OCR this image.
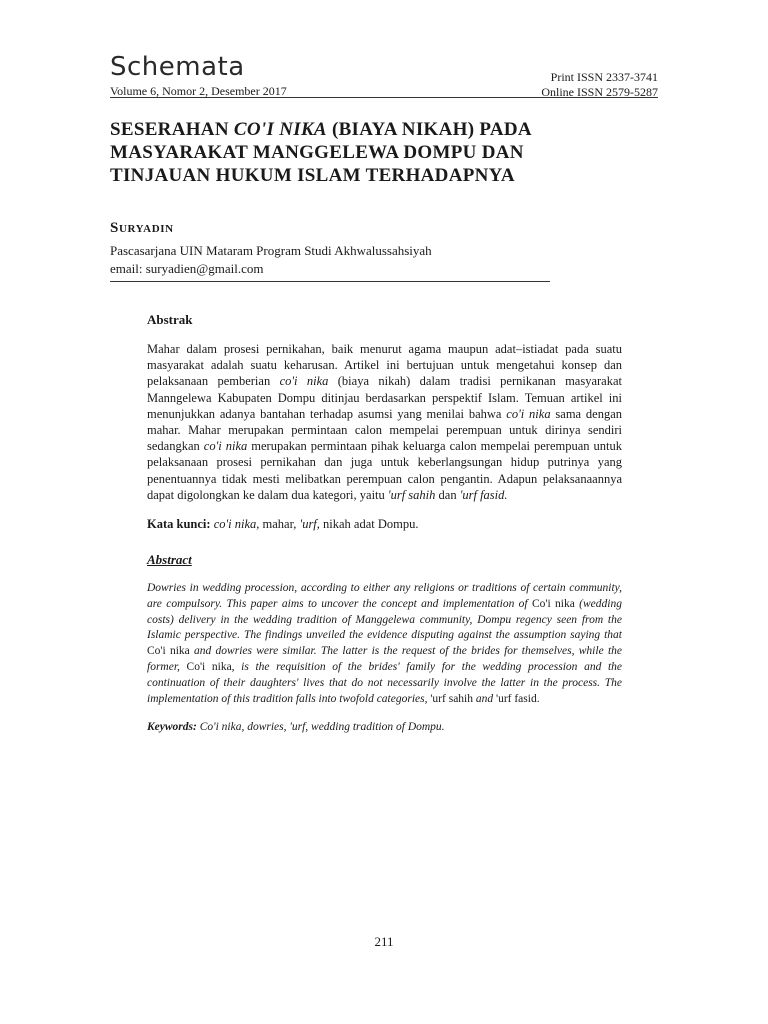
Schemata
Volume 6, Nomor 2, Desember 2017
Print ISSN 2337-3741
Online ISSN 2579-5287
SESERAHAN CO'I NIKA (BIAYA NIKAH) PADA MASYARAKAT MANGGELEWA DOMPU DAN TINJAUAN HUKUM ISLAM TERHADAPNYA
Suryadin
Pascasarjana UIN Mataram Program Studi Akhwalussahsiyah
email: suryadien@gmail.com
Abstrak
Mahar dalam prosesi pernikahan, baik menurut agama maupun adat–istiadat pada suatu masyarakat adalah suatu keharusan. Artikel ini bertujuan untuk mengetahui konsep dan pelaksanaan pemberian co'i nika (biaya nikah) dalam tradisi pernikanan masyarakat Manngelewa Kabupaten Dompu ditinjau berdasarkan perspektif Islam. Temuan artikel ini menunjukkan adanya bantahan terhadap asumsi yang menilai bahwa co'i nika sama dengan mahar. Mahar merupakan permintaan calon mempelai perempuan untuk dirinya sendiri sedangkan co'i nika merupakan permintaan pihak keluarga calon mempelai perempuan untuk pelaksanaan prosesi pernikahan dan juga untuk keberlangsungan hidup putrinya yang penentuannya tidak mesti melibatkan perempuan calon pengantin. Adapun pelaksanaannya dapat digolongkan ke dalam dua kategori, yaitu 'urf sahih dan 'urf fasid.
Kata kunci: co'i nika, mahar, 'urf, nikah adat Dompu.
Abstract
Dowries in wedding procession, according to either any religions or traditions of certain community, are compulsory. This paper aims to uncover the concept and implementation of Co'i nika (wedding costs) delivery in the wedding tradition of Manggelewa community, Dompu regency seen from the Islamic perspective. The findings unveiled the evidence disputing against the assumption saying that Co'i nika and dowries were similar. The latter is the request of the brides for themselves, while the former, Co'i nika, is the requisition of the brides' family for the wedding procession and the continuation of their daughters' lives that do not necessarily involve the latter in the process. The implementation of this tradition falls into twofold categories, 'urf sahih and 'urf fasid.
Keywords: Co'i nika, dowries, 'urf, wedding tradition of Dompu.
211
